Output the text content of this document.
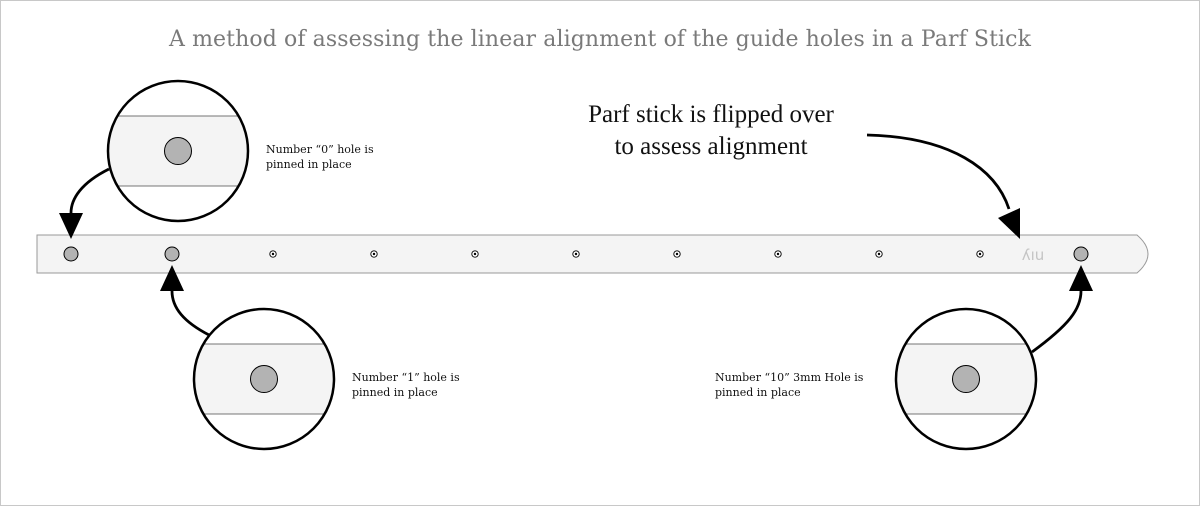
ʎıu
A method of assessing the linear alignment of the guide holes in a Parf Stick
Parf stick is flipped over
to assess alignment
Number “0” hole is
pinned in place
Number “1” hole is
pinned in place
Number “10” 3mm Hole is
pinned in place
